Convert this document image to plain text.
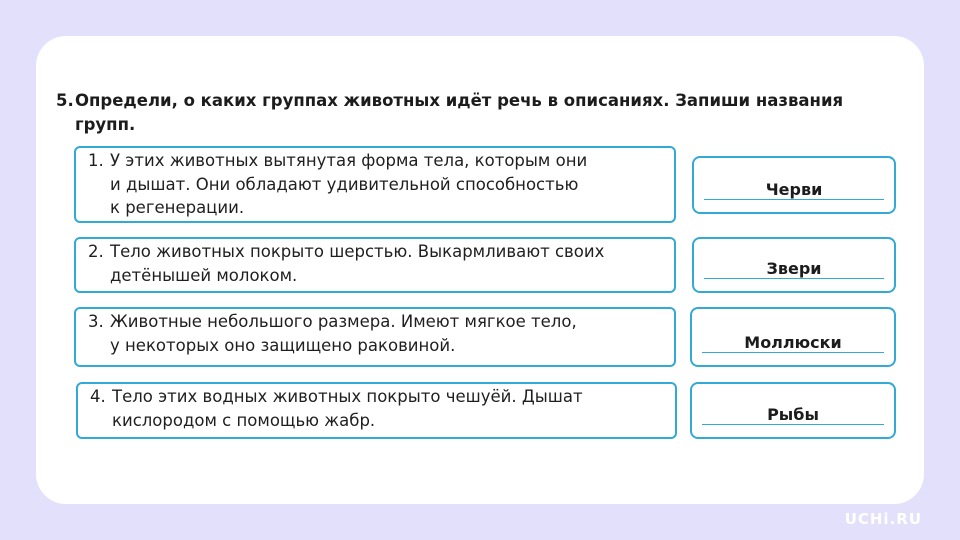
5. Определи, о каких группах животных идёт речь в описаниях. Запиши названия групп.
1. У этих животных вытянутая форма тела, которым они
и дышат. Они обладают удивительной способностью
к регенерации.
2. Тело животных покрыто шерстью. Выкармливают своих
детёнышей молоком.
3. Животные небольшого размера. Имеют мягкое тело,
у некоторых оно защищено раковиной.
4. Тело этих водных животных покрыто чешуёй. Дышат
кислородом с помощью жабр.
Черви
Звери
Моллюски
Рыбы
UCHi.RU
